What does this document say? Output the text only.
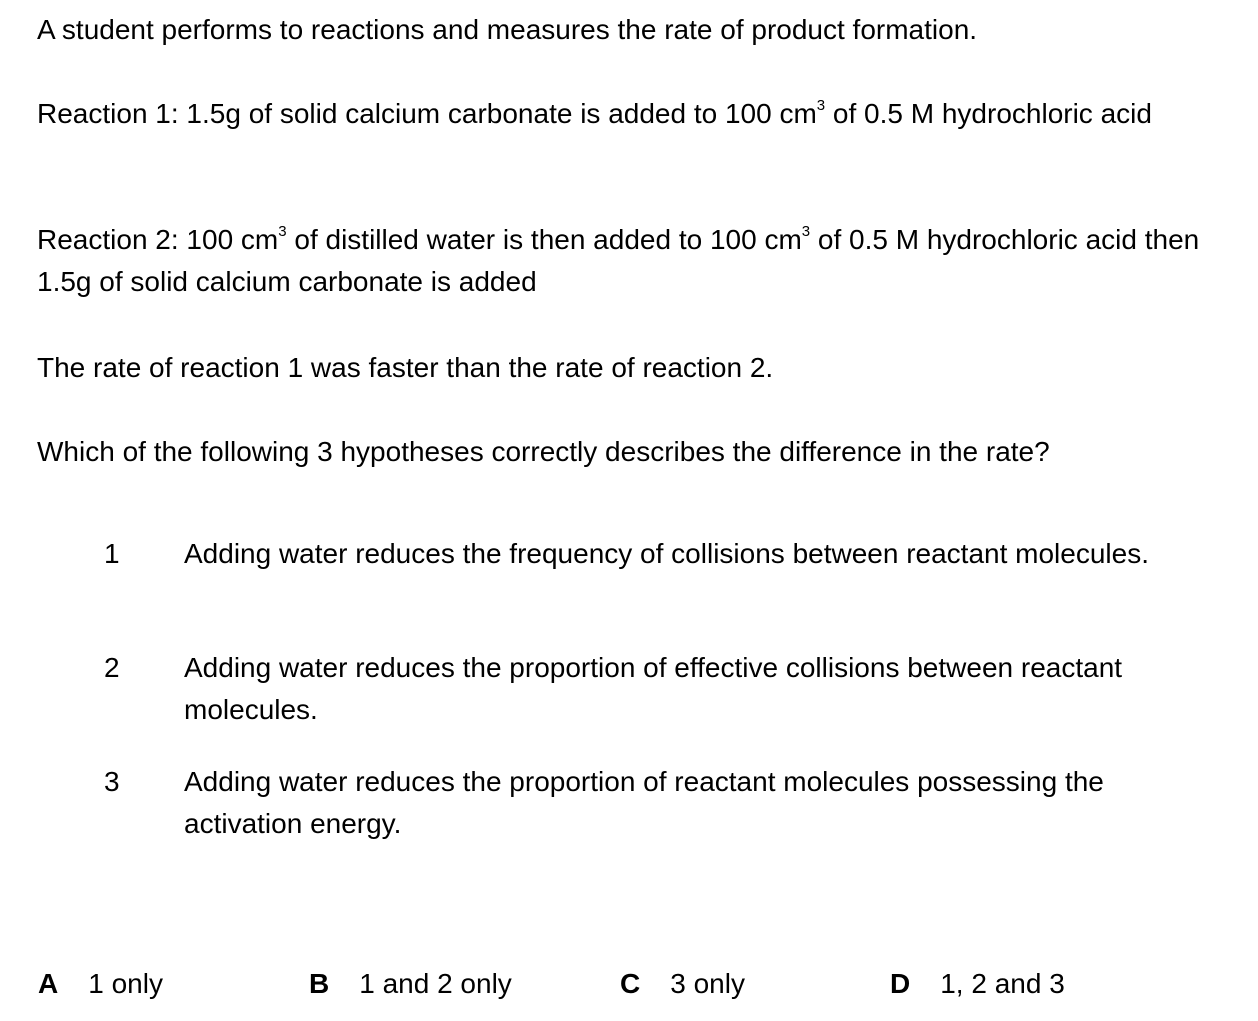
A student performs to reactions and measures the rate of product formation.

Reaction 1: 1.5g of solid calcium carbonate is added to 100 $cm^3$ of 0.5 M hydrochloric acid

Reaction 2: 100 $cm^3$ of distilled water is then added to 100 $cm^3$ of 0.5 M hydrochloric acid then 1.5g of solid calcium carbonate is added

The rate of reaction 1 was faster than the rate of reaction 2.

Which of the following 3 hypotheses correctly describes the difference in the rate?

1	Adding water reduces the frequency of collisions between reactant molecules.
2	Adding water reduces the proportion of effective collisions between reactant molecules.
3	Adding water reduces the proportion of reactant molecules possessing the activation energy.
A 1 only	B 1 and 2 only	C 3 only	D 1, 2 and 3
